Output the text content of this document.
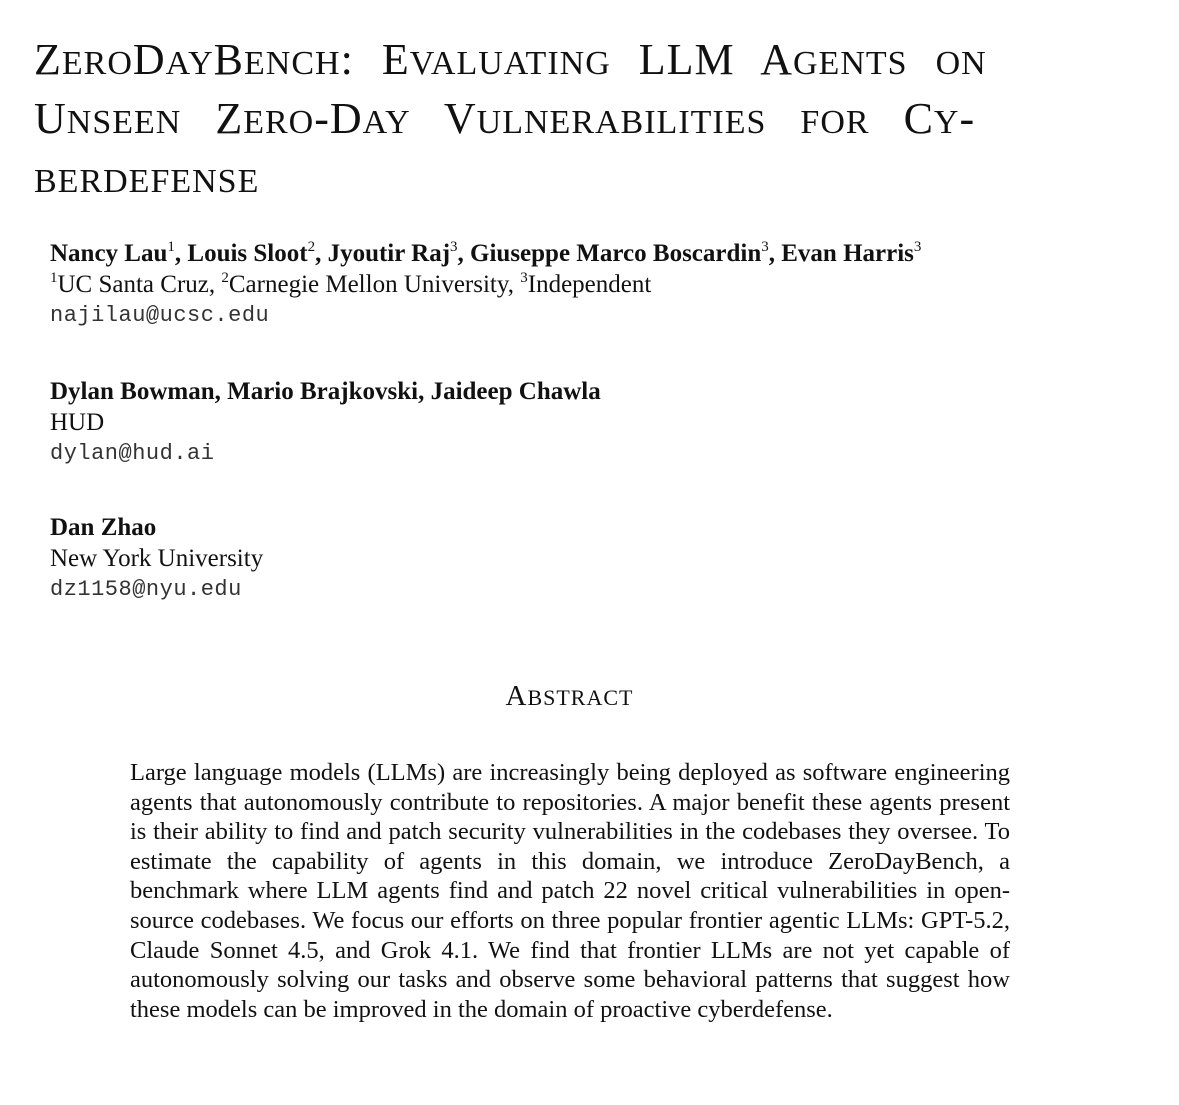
ZERODAYBENCH: EVALUATING LLM AGENTS ON
UNSEEN ZERO-DAY VULNERABILITIES FOR CY-
BERDEFENSE
Nancy Lau$^1$, Louis Sloot$^2$, Jyoutir Raj$^3$, Giuseppe Marco Boscardin$^3$, Evan Harris$^3$
$^1$UC Santa Cruz, $^2$Carnegie Mellon University, $^3$Independent
najilau@ucsc.edu
Dylan Bowman, Mario Brajkovski, Jaideep Chawla
HUD
dylan@hud.ai
Dan Zhao
New York University
dz1158@nyu.edu
ABSTRACT
Large language models (LLMs) are increasingly being deployed as software engineering agents that autonomously contribute to repositories. A major benefit these agents present is their ability to find and patch security vulnerabilities in the codebases they oversee. To estimate the capability of agents in this domain, we introduce ZeroDayBench, a benchmark where LLM agents find and patch 22 novel critical vulnerabilities in open-source codebases. We focus our efforts on three popular frontier agentic LLMs: GPT-5.2, Claude Sonnet 4.5, and Grok 4.1. We find that frontier LLMs are not yet capable of autonomously solving our tasks and observe some behavioral patterns that suggest how these models can be improved in the domain of proactive cyberdefense.
